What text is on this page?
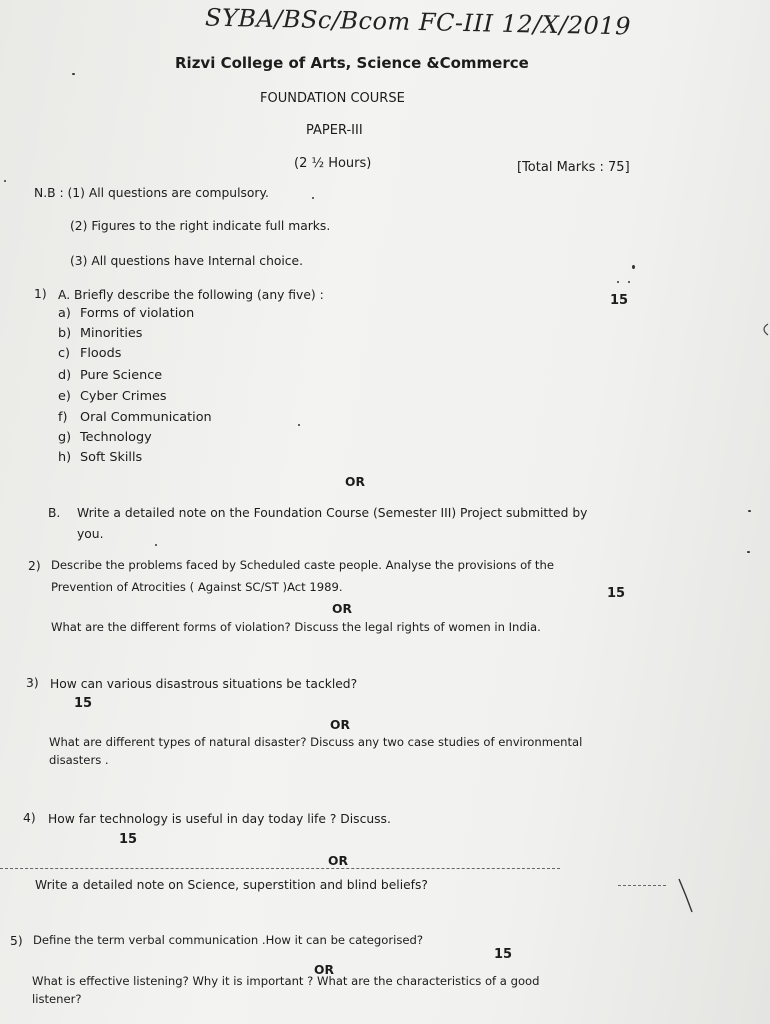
SYBA/BSc/Bcom FC-III 12/X/2019
Rizvi College of Arts, Science &Commerce
FOUNDATION COURSE
PAPER-III
(2 ½ Hours)	[Total Marks : 75]
N.B : (1) All questions are compulsory.
(2) Figures to the right indicate full marks.
(3) All questions have Internal choice.
1) A. Briefly describe the following (any five) :	15
a) Forms of violation
b) Minorities
c) Floods
d) Pure Science
e) Cyber Crimes
f) Oral Communication
g) Technology
h) Soft Skills
OR
B. Write a detailed note on the Foundation Course (Semester III) Project submitted by
you.
2) Describe the problems faced by Scheduled caste people. Analyse the provisions of the
Prevention of Atrocities ( Against SC/ST )Act 1989.	15
OR
What are the different forms of violation? Discuss the legal rights of women in India.
3) How can various disastrous situations be tackled?
15
OR
What are different types of natural disaster? Discuss any two case studies of environmental
disasters .
4) How far technology is useful in day today life ? Discuss.
15
OR
Write a detailed note on Science, superstition and blind beliefs?
5) Define the term verbal communication .How it can be categorised?
15
OR
What is effective listening? Why it is important ? What are the characteristics of a good
listener?
